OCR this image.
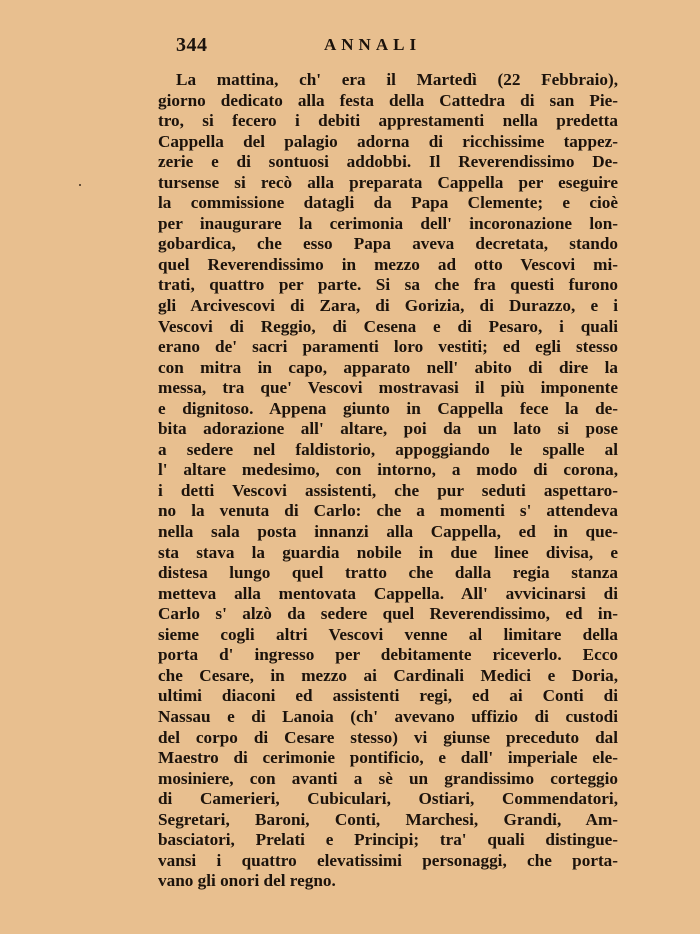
344	ANNALI
La mattina, ch' era il Martedì (22 Febbraio),
giorno dedicato alla festa della Cattedra di san Pie-
tro, si fecero i debiti apprestamenti nella predetta
Cappella del palagio adorna di ricchissime tappez-
zerie e di sontuosi addobbi. Il Reverendissimo De-
tursense si recò alla preparata Cappella per eseguire
la commissione datagli da Papa Clemente; e cioè
per inaugurare la cerimonia dell' incoronazione lon-
gobardica, che esso Papa aveva decretata, stando
quel Reverendissimo in mezzo ad otto Vescovi mi-
trati, quattro per parte. Si sa che fra questi furono
gli Arcivescovi di Zara, di Gorizia, di Durazzo, e i
Vescovi di Reggio, di Cesena e di Pesaro, i quali
erano de' sacri paramenti loro vestiti; ed egli stesso
con mitra in capo, apparato nell' abito di dire la
messa, tra que' Vescovi mostravasi il più imponente
e dignitoso. Appena giunto in Cappella fece la de-
bita adorazione all' altare, poi da un lato si pose
a sedere nel faldistorio, appoggiando le spalle al
l' altare medesimo, con intorno, a modo di corona,
i detti Vescovi assistenti, che pur seduti aspettaro-
no la venuta di Carlo: che a momenti s' attendeva
nella sala posta innanzi alla Cappella, ed in que-
sta stava la guardia nobile in due linee divisa, e
distesa lungo quel tratto che dalla regia stanza
metteva alla mentovata Cappella. All' avvicinarsi di
Carlo s' alzò da sedere quel Reverendissimo, ed in-
sieme cogli altri Vescovi venne al limitare della
porta d' ingresso per debitamente riceverlo. Ecco
che Cesare, in mezzo ai Cardinali Medici e Doria,
ultimi diaconi ed assistenti regi, ed ai Conti di
Nassau e di Lanoia (ch' avevano uffizio di custodi
del corpo di Cesare stesso) vi giunse preceduto dal
Maestro di cerimonie pontificio, e dall' imperiale ele-
mosiniere, con avanti a sè un grandissimo corteggio
di Camerieri, Cubiculari, Ostiari, Commendatori,
Segretari, Baroni, Conti, Marchesi, Grandi, Am-
basciatori, Prelati e Principi; tra' quali distingue-
vansi i quattro elevatissimi personaggi, che porta-
vano gli onori del regno.
